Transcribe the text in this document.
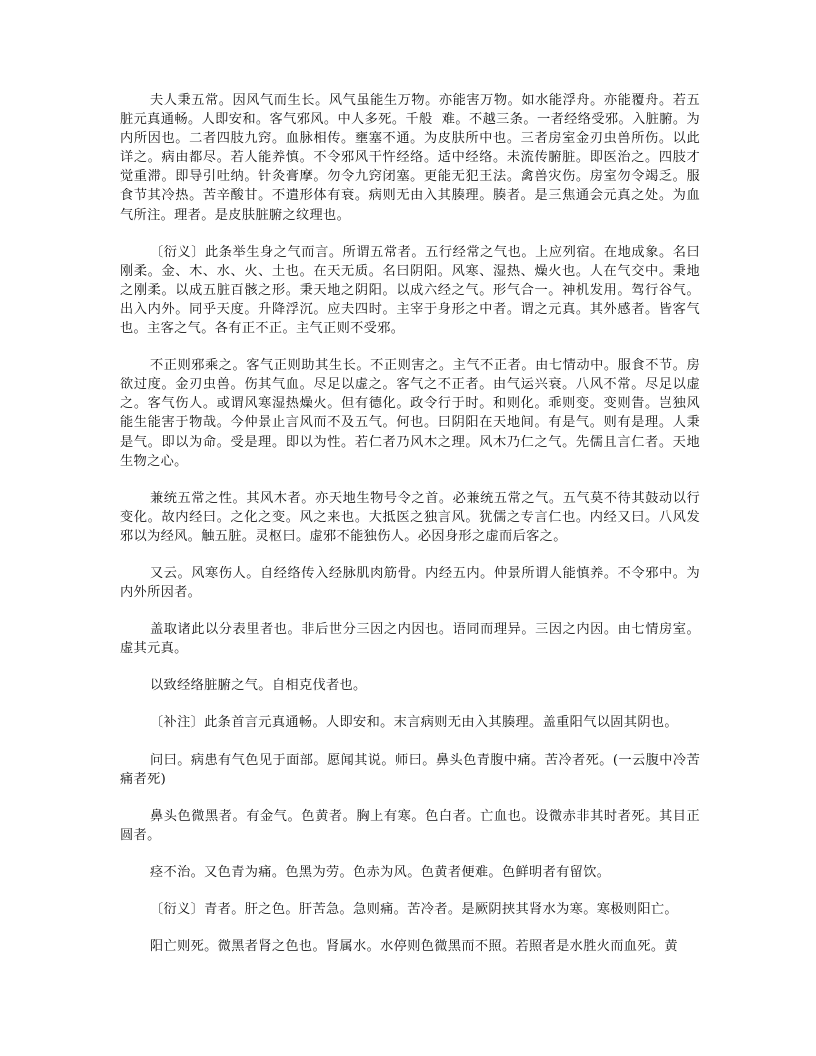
夫人秉五常。因风气而生长。风气虽能生万物。亦能害万物。如水能浮舟。亦能覆舟。若五脏元真通畅。人即安和。客气邪风。中人多死。千般  难。不越三条。一者经络受邪。入脏腑。为内所因也。二者四肢九窍。血脉相传。壅塞不通。为皮肤所中也。三者房室金刃虫兽所伤。以此详之。病由都尽。若人能养慎。不令邪风干忤经络。适中经络。未流传腑脏。即医治之。四肢才觉重滞。即导引吐纳。针灸膏摩。勿令九窍闭塞。更能无犯王法。禽兽灾伤。房室勿令竭乏。服食节其冷热。苦辛酸甘。不遣形体有衰。病则无由入其腠理。腠者。是三焦通会元真之处。为血气所注。理者。是皮肤脏腑之纹理也。

〔衍义〕此条举生身之气而言。所谓五常者。五行经常之气也。上应列宿。在地成象。名曰刚柔。金、木、水、火、土也。在天无质。名曰阴阳。风寒、湿热、燥火也。人在气交中。秉地之刚柔。以成五脏百骸之形。秉天地之阴阳。以成六经之气。形气合一。神机发用。驾行谷气。出入内外。同乎天度。升降浮沉。应夫四时。主宰于身形之中者。谓之元真。其外感者。皆客气也。主客之气。各有正不正。主气正则不受邪。

不正则邪乘之。客气正则助其生长。不正则害之。主气不正者。由七情动中。服食不节。房欲过度。金刃虫兽。伤其气血。尽足以虚之。客气之不正者。由气运兴衰。八风不常。尽足以虚之。客气伤人。或谓风寒湿热燥火。但有德化。政令行于时。和则化。乖则变。变则眚。岂独风能生能害于物哉。今仲景止言风而不及五气。何也。曰阴阳在天地间。有是气。则有是理。人秉是气。即以为命。受是理。即以为性。若仁者乃风木之理。风木乃仁之气。先儒且言仁者。天地生物之心。

兼统五常之性。其风木者。亦天地生物号令之首。必兼统五常之气。五气莫不待其鼓动以行变化。故内经曰。之化之变。风之来也。大抵医之独言风。犹儒之专言仁也。内经又曰。八风发邪以为经风。触五脏。灵枢曰。虚邪不能独伤人。必因身形之虚而后客之。

又云。风寒伤人。自经络传入经脉肌肉筋骨。内经五内。仲景所谓人能慎养。不令邪中。为内外所因者。

盖取诸此以分表里者也。非后世分三因之内因也。语同而理异。三因之内因。由七情房室。虚其元真。

以致经络脏腑之气。自相克伐者也。

〔补注〕此条首言元真通畅。人即安和。末言病则无由入其腠理。盖重阳气以固其阴也。

问曰。病患有气色见于面部。愿闻其说。师曰。鼻头色青腹中痛。苦冷者死。(一云腹中冷苦痛者死)

鼻头色微黑者。有金气。色黄者。胸上有寒。色白者。亡血也。设微赤非其时者死。其目正圆者。

痉不治。又色青为痛。色黑为劳。色赤为风。色黄者便难。色鲜明者有留饮。

〔衍义〕青者。肝之色。肝苦急。急则痛。苦冷者。是厥阴挟其肾水为寒。寒极则阳亡。

阳亡则死。微黑者肾之色也。肾属水。水停则色微黑而不照。若照者是水胜火而血死。黄
